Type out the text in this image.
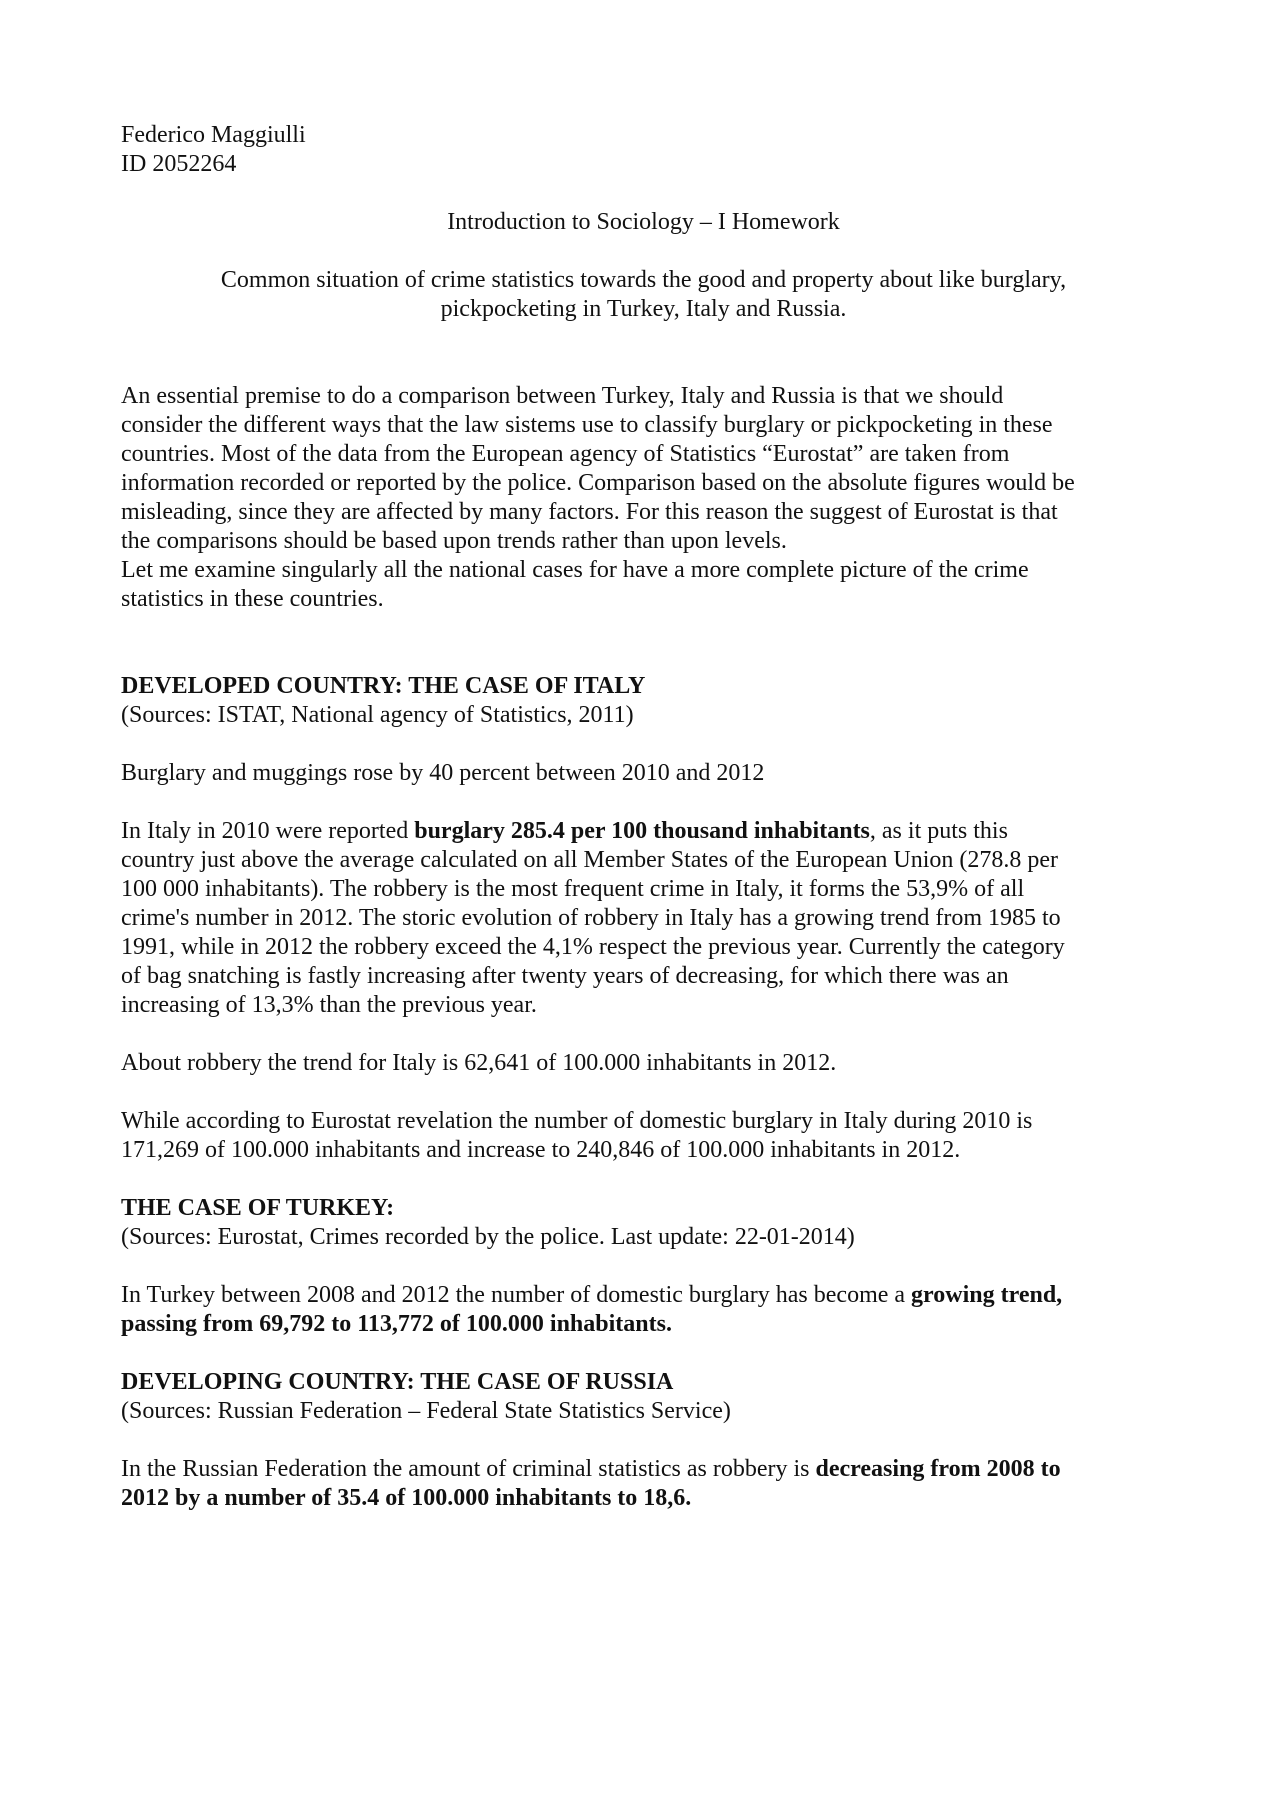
Federico Maggiulli
ID 2052264

Introduction to Sociology – I Homework

Common situation of crime statistics towards the good and property about like burglary,
pickpocketing in Turkey, Italy and Russia.
An essential premise to do a comparison between Turkey, Italy and Russia is that we should
consider the different ways that the law sistems use to classify burglary or pickpocketing in these
countries. Most of the data from the European agency of Statistics “Eurostat” are taken from
information recorded or reported by the police. Comparison based on the absolute figures would be
misleading, since they are affected by many factors. For this reason the suggest of Eurostat is that
the comparisons should be based upon trends rather than upon levels.
Let me examine singularly all the national cases for have a more complete picture of the crime
statistics in these countries.
DEVELOPED COUNTRY: THE CASE OF ITALY
(Sources: ISTAT, National agency of Statistics, 2011)
Burglary and muggings rose by 40 percent between 2010 and 2012
In Italy in 2010 were reported burglary 285.4 per 100 thousand inhabitants, as it puts this
country just above the average calculated on all Member States of the European Union (278.8 per
100 000 inhabitants). The robbery is the most frequent crime in Italy, it forms the 53,9% of all
crime's number in 2012. The storic evolution of robbery in Italy has a growing trend from 1985 to
1991, while in 2012 the robbery exceed the 4,1% respect the previous year. Currently the category
of bag snatching is fastly increasing after twenty years of decreasing, for which there was an
increasing of 13,3% than the previous year.
About robbery the trend for Italy is 62,641 of 100.000 inhabitants in 2012.
While according to Eurostat revelation the number of domestic burglary in Italy during 2010 is
171,269 of 100.000 inhabitants and increase to 240,846 of 100.000 inhabitants in 2012.
THE CASE OF TURKEY:
(Sources: Eurostat, Crimes recorded by the police. Last update: 22-01-2014)
In Turkey between 2008 and 2012 the number of domestic burglary has become a growing trend,
passing from 69,792 to 113,772 of 100.000 inhabitants.
DEVELOPING COUNTRY: THE CASE OF RUSSIA
(Sources: Russian Federation – Federal State Statistics Service)
In the Russian Federation the amount of criminal statistics as robbery is decreasing from 2008 to
2012 by a number of 35.4 of 100.000 inhabitants to 18,6.
